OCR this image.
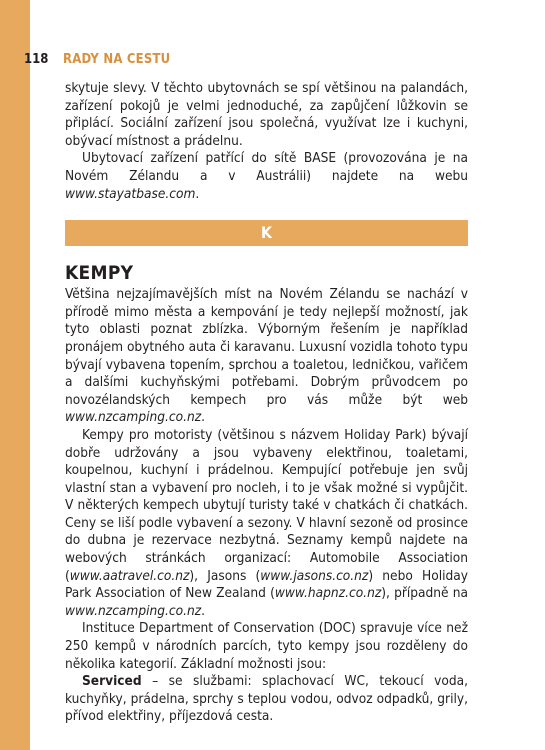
118 RADY NA CESTU

skytuje slevy. V těchto ubytovnách se spí většinou na palandách, zařízení pokojů je velmi jednoduché, za zapůjčení lůžkovin se připlácí. Sociální zařízení jsou společná, využívat lze i kuchyni, obývací místnost a prádelnu.

Ubytovací zařízení patřící do sítě BASE (provozována je na Novém Zélandu a v Austrálii) najdete na webu www.stayatbase.com.

K
KEMPY

Většina nejzajímavějších míst na Novém Zélandu se nachází v přírodě mimo města a kempování je tedy nejlepší možností, jak tyto oblasti poznat zblízka. Výborným řešením je například pronájem obytného auta či karavanu. Luxusní vozidla tohoto typu bývají vybavena topením, sprchou a toaletou, ledničkou, vařičem a dalšími kuchyňskými potřebami. Dobrým průvodcem po novozélandských kempech pro vás může být web www.nzcamping.co.nz.

Kempy pro motoristy (většinou s názvem Holiday Park) bývají dobře udržovány a jsou vybaveny elektřinou, toaletami, koupelnou, kuchyní i prádelnou. Kempující potřebuje jen svůj vlastní stan a vybavení pro nocleh, i to je však možné si vypůjčit. V některých kempech ubytují turisty také v chatkách či chatkách. Ceny se liší podle vybavení a sezony. V hlavní sezoně od prosince do dubna je rezervace nezbytná. Seznamy kempů najdete na webových stránkách organizací: Automobile Association (www.aatravel.co.nz), Jasons (www.jasons.co.nz) nebo Holiday Park Association of New Zealand (www.hapnz.co.nz), případně na www.nzcamping.co.nz.

Instituce Department of Conservation (DOC) spravuje více než 250 kempů v národních parcích, tyto kempy jsou rozděleny do několika kategorií. Základní možnosti jsou:

Serviced – se službami: splachovací WC, tekoucí voda, kuchyňky, prádelna, sprchy s teplou vodou, odvoz odpadků, grily, přívod elektřiny, příjezdová cesta.
